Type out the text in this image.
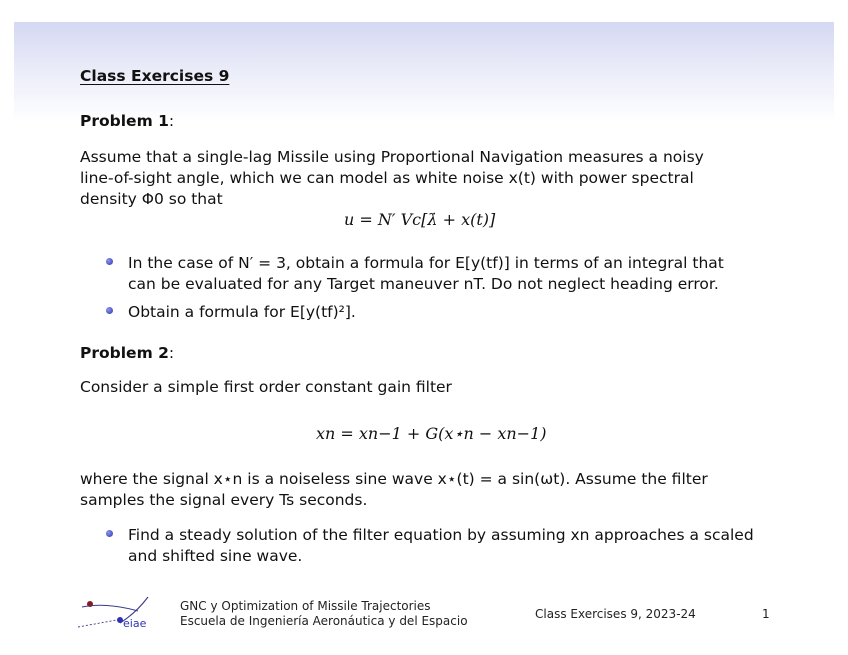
Class Exercises 9
Problem 1:
Assume that a single-lag Missile using Proportional Navigation measures a noisy
line-of-sight angle, which we can model as white noise x(t) with power spectral
density Φ0 so that
u = N′ Vc[λ̇ + x(t)]
In the case of N′ = 3, obtain a formula for E[y(tf)] in terms of an integral that
can be evaluated for any Target maneuver nT. Do not neglect heading error.
Obtain a formula for E[y(tf)²].
Problem 2:
Consider a simple first order constant gain filter
xn = xn−1 + G(x⋆n − xn−1)
where the signal x⋆n is a noiseless sine wave x⋆(t) = a sin(ωt). Assume the filter
samples the signal every Ts seconds.
Find a steady solution of the filter equation by assuming xn approaches a scaled
and shifted sine wave.
eiae
GNC y Optimization of Missile Trajectories
Escuela de Ingeniería Aeronáutica y del Espacio	Class Exercises 9, 2023-24	1
